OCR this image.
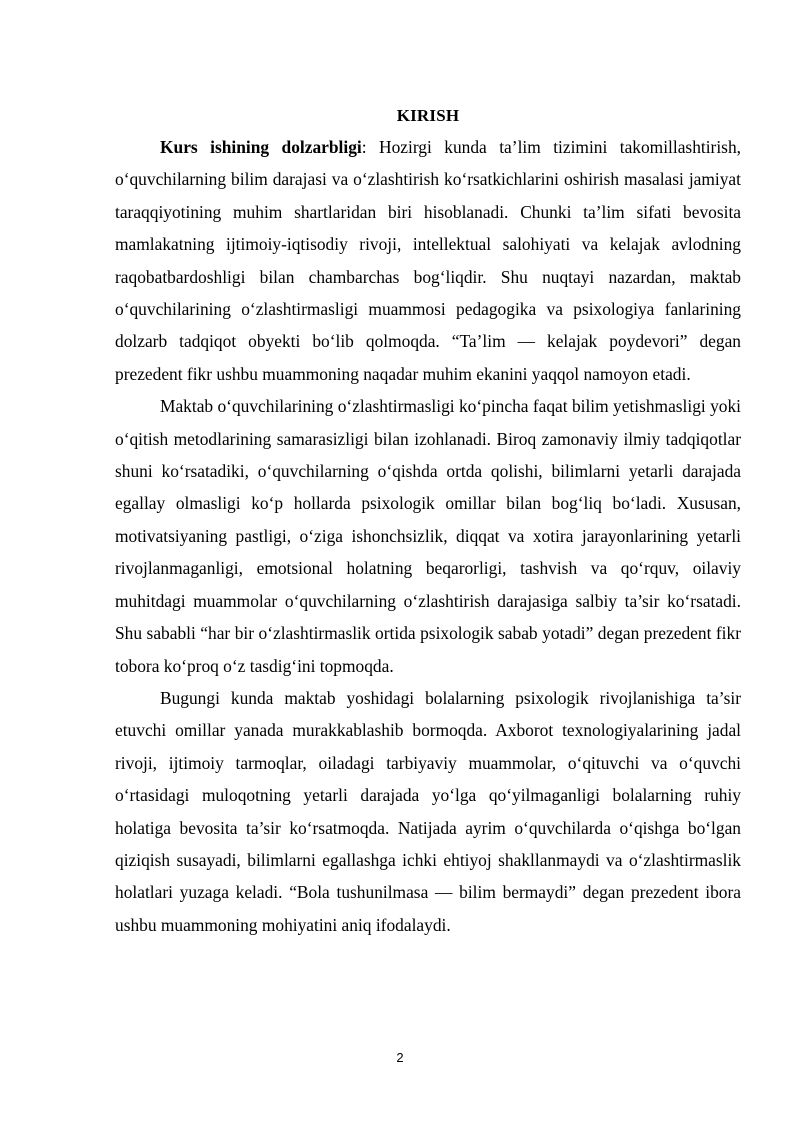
KIRISH

Kurs ishining dolzarbligi: Hozirgi kunda ta’lim tizimini takomillashtirish, o‘quvchilarning bilim darajasi va o‘zlashtirish ko‘rsatkichlarini oshirish masalasi jamiyat taraqqiyotining muhim shartlaridan biri hisoblanadi. Chunki ta’lim sifati bevosita mamlakatning ijtimoiy-iqtisodiy rivoji, intellektual salohiyati va kelajak avlodning raqobatbardoshligi bilan chambarchas bog‘liqdir. Shu nuqtayi nazardan, maktab o‘quvchilarining o‘zlashtirmasligi muammosi pedagogika va psixologiya fanlarining dolzarb tadqiqot obyekti bo‘lib qolmoqda. “Ta’lim — kelajak poydevori” degan prezedent fikr ushbu muammoning naqadar muhim ekanini yaqqol namoyon etadi.

Maktab o‘quvchilarining o‘zlashtirmasligi ko‘pincha faqat bilim yetishmasligi yoki o‘qitish metodlarining samarasizligi bilan izohlanadi. Biroq zamonaviy ilmiy tadqiqotlar shuni ko‘rsatadiki, o‘quvchilarning o‘qishda ortda qolishi, bilimlarni yetarli darajada egallay olmasligi ko‘p hollarda psixologik omillar bilan bog‘liq bo‘ladi. Xususan, motivatsiyaning pastligi, o‘ziga ishonchsizlik, diqqat va xotira jarayonlarining yetarli rivojlanmaganligi, emotsional holatning beqarorligi, tashvish va qo‘rquv, oilaviy muhitdagi muammolar o‘quvchilarning o‘zlashtirish darajasiga salbiy ta’sir ko‘rsatadi. Shu sababli “har bir o‘zlashtirmaslik ortida psixologik sabab yotadi” degan prezedent fikr tobora ko‘proq o‘z tasdig‘ini topmoqda.

Bugungi kunda maktab yoshidagi bolalarning psixologik rivojlanishiga ta’sir etuvchi omillar yanada murakkablashib bormoqda. Axborot texnologiyalarining jadal rivoji, ijtimoiy tarmoqlar, oiladagi tarbiyaviy muammolar, o‘qituvchi va o‘quvchi o‘rtasidagi muloqotning yetarli darajada yo‘lga qo‘yilmaganligi bolalarning ruhiy holatiga bevosita ta’sir ko‘rsatmoqda. Natijada ayrim o‘quvchilarda o‘qishga bo‘lgan qiziqish susayadi, bilimlarni egallashga ichki ehtiyoj shakllanmaydi va o‘zlashtirmaslik holatlari yuzaga keladi. “Bola tushunilmasa — bilim bermaydi” degan prezedent ibora ushbu muammoning mohiyatini aniq ifodalaydi.

2
